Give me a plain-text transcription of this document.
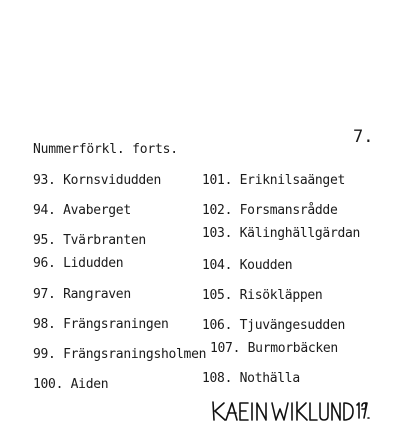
7.
Nummerförkl. forts.
93. Kornsvidudden
94. Avaberget
95. Tvärbranten
96. Lidudden
97. Rangraven
98. Frängsraningen
99. Frängsraningsholmen
100. Aiden
101. Eriknilsaänget
102. Forsmansrådde
103. Kälinghällgärdan
104. Koudden
105. Risökläppen
106. Tjuvängesudden
107. Burmorbäcken
108. Nothälla
